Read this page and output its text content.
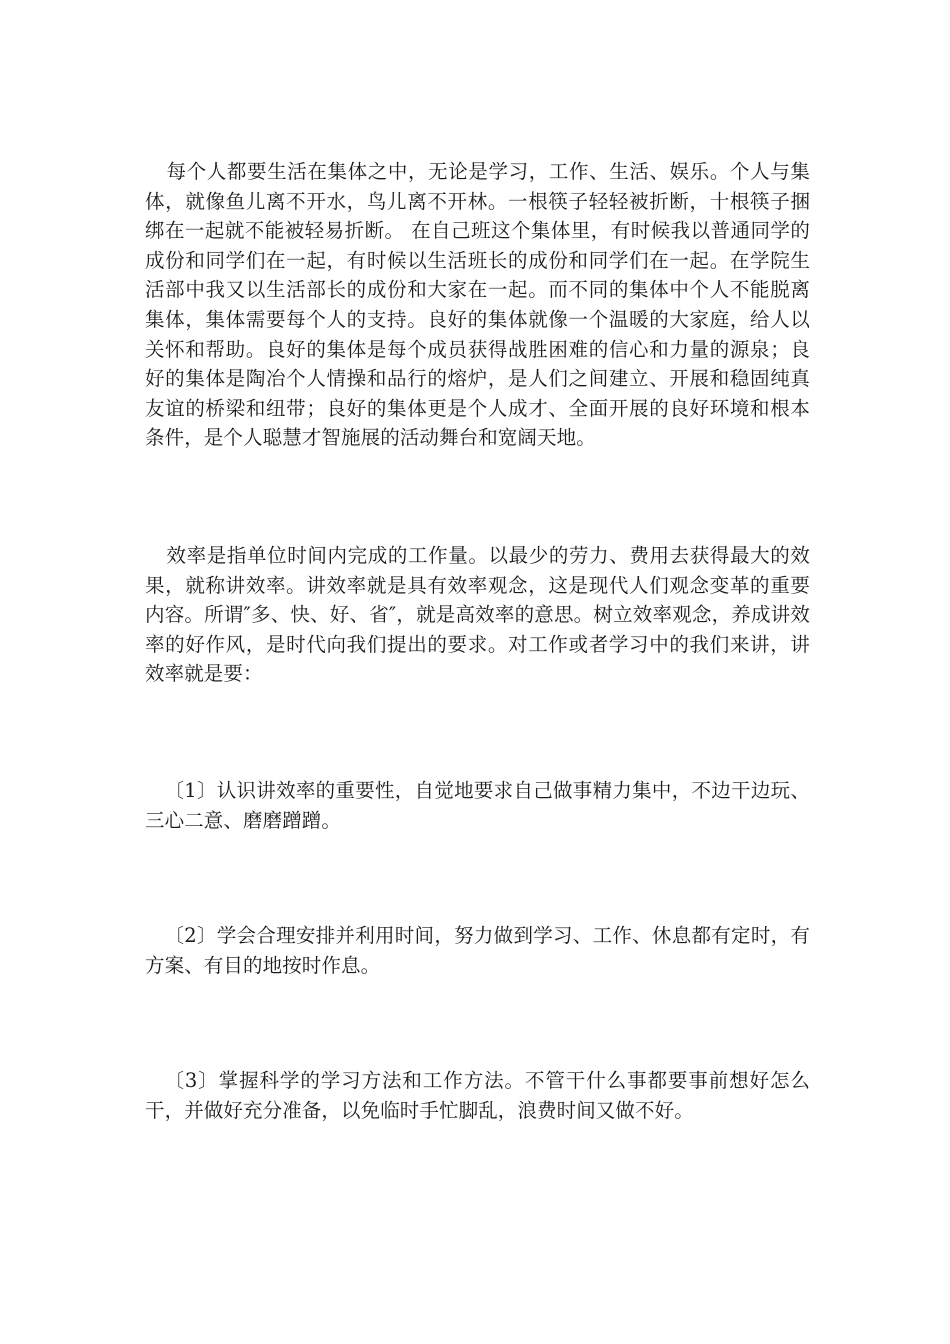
每个人都要生活在集体之中，无论是学习，工作、生活、娱乐。个人与集体，就像鱼儿离不开水，鸟儿离不开林。一根筷子轻轻被折断，十根筷子捆绑在一起就不能被轻易折断。 在自己班这个集体里，有时候我以普通同学的成份和同学们在一起，有时候以生活班长的成份和同学们在一起。在学院生活部中我又以生活部长的成份和大家在一起。而不同的集体中个人不能脱离集体，集体需要每个人的支持。良好的集体就像一个温暖的大家庭，给人以关怀和帮助。良好的集体是每个成员获得战胜困难的信心和力量的源泉；良好的集体是陶冶个人情操和品行的熔炉，是人们之间建立、开展和稳固纯真友谊的桥梁和纽带；良好的集体更是个人成才、全面开展的良好环境和根本条件，是个人聪慧才智施展的活动舞台和宽阔天地。

效率是指单位时间内完成的工作量。以最少的劳力、费用去获得最大的效果，就称讲效率。讲效率就是具有效率观念，这是现代人们观念变革的重要内容。所谓″多、快、好、省″，就是高效率的意思。树立效率观念，养成讲效率的好作风，是时代向我们提出的要求。对工作或者学习中的我们来讲，讲效率就是要：

〔1〕认识讲效率的重要性，自觉地要求自己做事精力集中，不边干边玩、三心二意、磨磨蹭蹭。

〔2〕学会合理安排并利用时间，努力做到学习、工作、休息都有定时，有方案、有目的地按时作息。

〔3〕掌握科学的学习方法和工作方法。不管干什么事都要事前想好怎么干，并做好充分准备，以免临时手忙脚乱，浪费时间又做不好。
